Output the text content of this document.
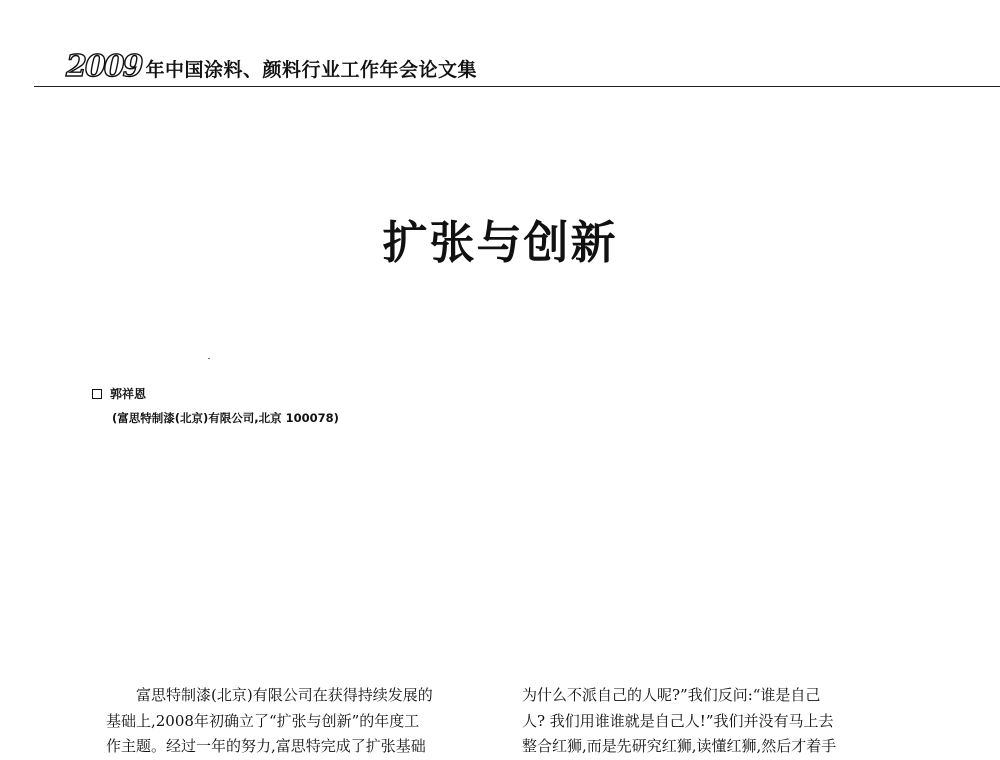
2009 年中国涂料、颜料行业工作年会论文集
扩张与创新
郭祥恩
(富思特制漆(北京)有限公司,北京 100078)

富思特制漆(北京)有限公司在获得持续发展的

基础上,2008年初确立了“扩张与创新”的年度工

作主题。经过一年的努力,富思特完成了扩张基础

为什么不派自己的人呢?”我们反问:“谁是自己

人? 我们用谁谁就是自己人!”我们并没有马上去

整合红狮,而是先研究红狮,读懂红狮,然后才着手
